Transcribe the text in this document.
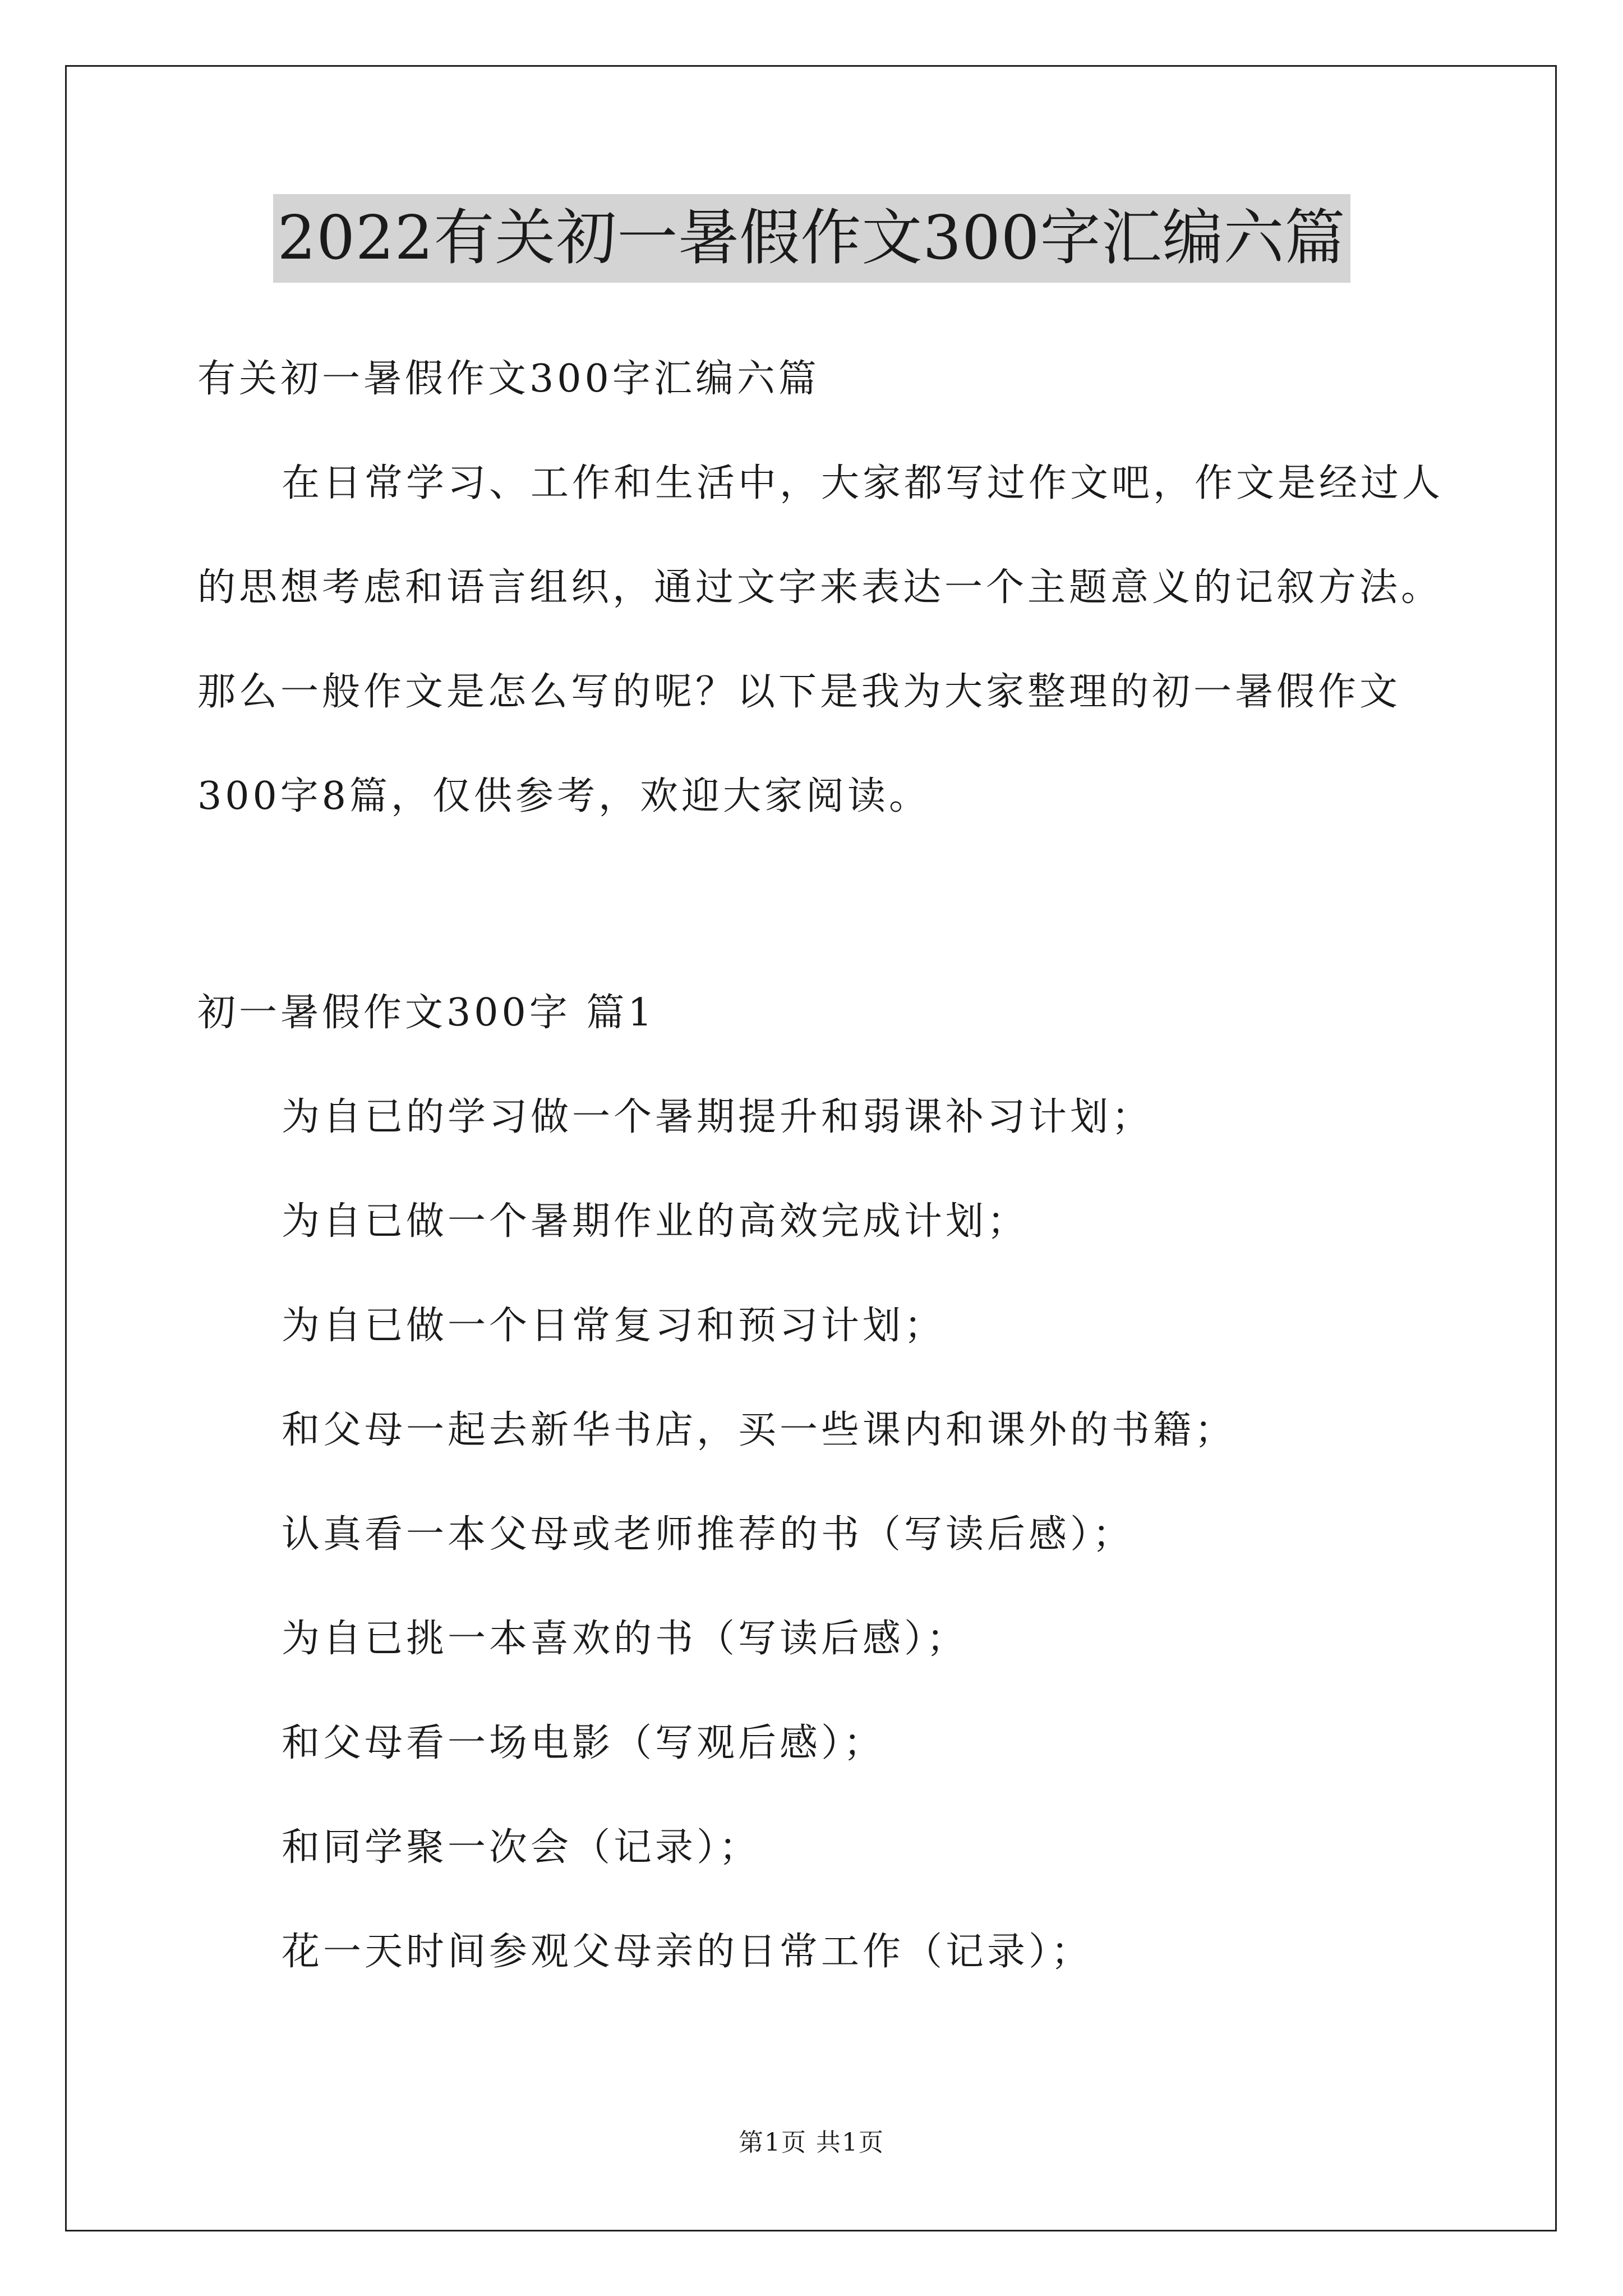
2022有关初一暑假作文300字汇编六篇
有关初一暑假作文300字汇编六篇
在日常学习、工作和生活中，大家都写过作文吧，作文是经过人
的思想考虑和语言组织，通过文字来表达一个主题意义的记叙方法。
那么一般作文是怎么写的呢？以下是我为大家整理的初一暑假作文
300字8篇，仅供参考，欢迎大家阅读。
初一暑假作文300字 篇1
为自已的学习做一个暑期提升和弱课补习计划；
为自已做一个暑期作业的高效完成计划；
为自已做一个日常复习和预习计划；
和父母一起去新华书店，买一些课内和课外的书籍；
认真看一本父母或老师推荐的书（写读后感）；
为自已挑一本喜欢的书（写读后感）；
和父母看一场电影（写观后感）；
和同学聚一次会（记录）；
花一天时间参观父母亲的日常工作（记录）；
第1页 共1页
